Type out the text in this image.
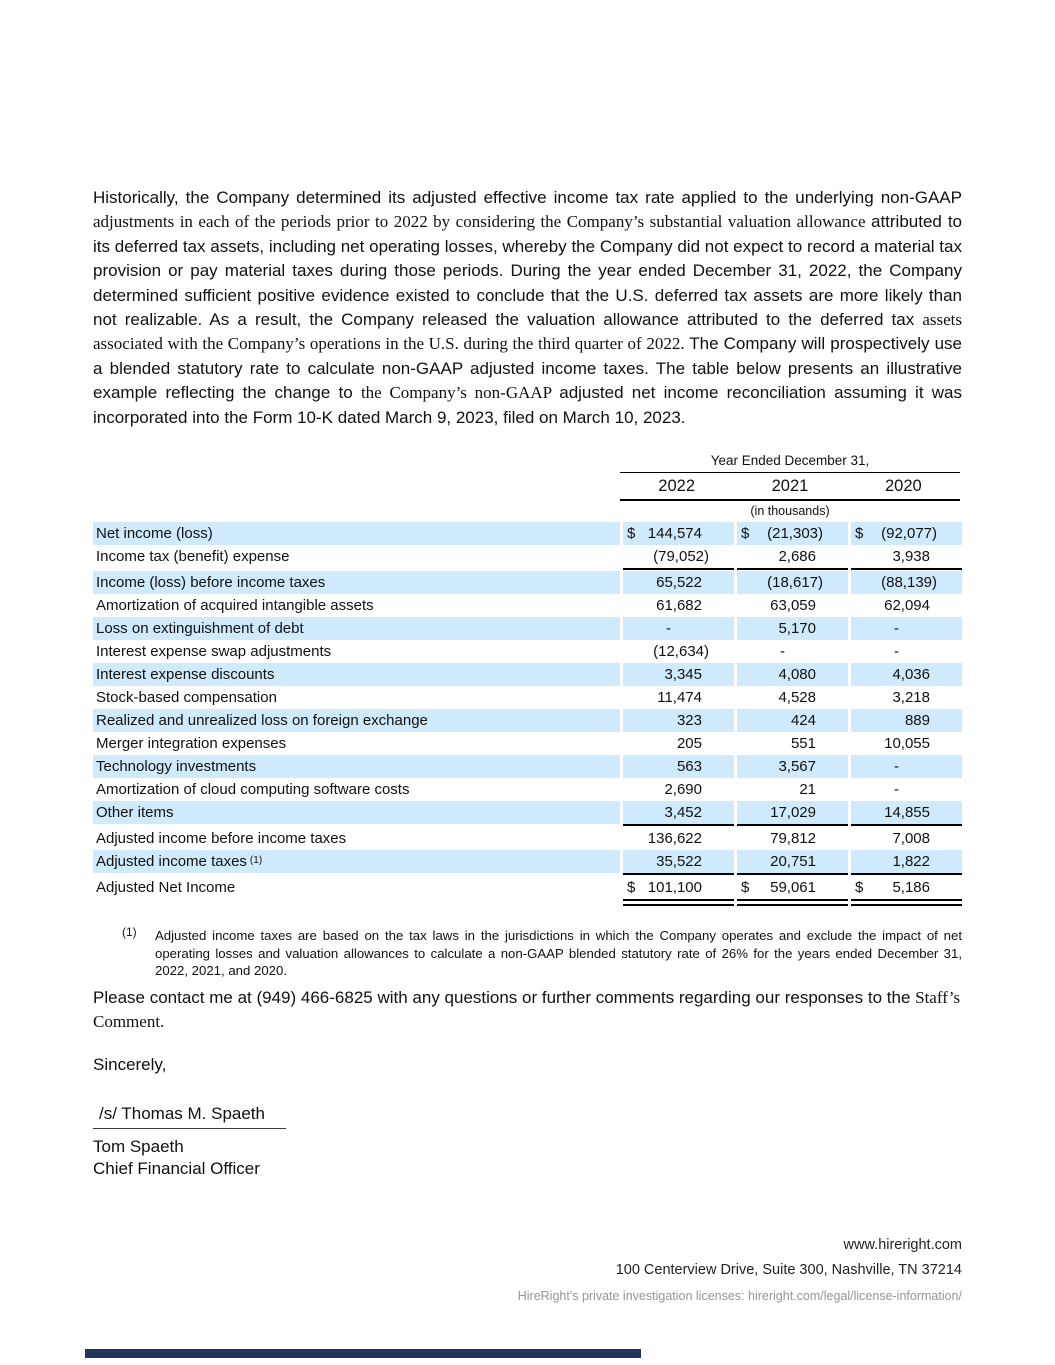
Historically, the Company determined its adjusted effective income tax rate applied to the underlying non-GAAP adjustments in each of the periods prior to 2022 by considering the Company’s substantial valuation allowance attributed to its deferred tax assets, including net operating losses, whereby the Company did not expect to record a material tax provision or pay material taxes during those periods. During the year ended December 31, 2022, the Company determined sufficient positive evidence existed to conclude that the U.S. deferred tax assets are more likely than not realizable. As a result, the Company released the valuation allowance attributed to the deferred tax assets associated with the Company’s operations in the U.S. during the third quarter of 2022. The Company will prospectively use a blended statutory rate to calculate non-GAAP adjusted income taxes. The table below presents an illustrative example reflecting the change to the Company’s non-GAAP adjusted net income reconciliation assuming it was incorporated into the Form 10-K dated March 9, 2023, filed on March 10, 2023.

Year Ended December 31,
2022	2021	2020
(in thousands)
Net income (loss)	$ 144,574	$ (21,303) $ (92,077)
Income tax (benefit) expense	(79,052)	2,686	3,938
Income (loss) before income taxes	65,522	(18,617)	(88,139)
Amortization of acquired intangible assets	61,682	63,059	62,094
Loss on extinguishment of debt	-	5,170	-
Interest expense swap adjustments	(12,634)	-	-
Interest expense discounts	3,345	4,080	4,036
Stock-based compensation	11,474	4,528	3,218
Realized and unrealized loss on foreign exchange	323	424	889
Merger integration expenses	205	551	10,055
Technology investments	563	3,567	-
Amortization of cloud computing software costs	2,690	21	-
Other items	3,452	17,029	14,855
Adjusted income before income taxes	136,622	79,812	7,008
Adjusted income taxes (1)	35,522	20,751	1,822
Adjusted Net Income	$ 101,100	$ 59,061	$ 5,186
(1)	Adjusted income taxes are based on the tax laws in the jurisdictions in which the Company operates and exclude the impact of net operating losses and valuation allowances to calculate a non-GAAP blended statutory rate of 26% for the years ended December 31, 2022, 2021, and 2020.

Please contact me at (949) 466-6825 with any questions or further comments regarding our responses to the Staff’s Comment.

Sincerely,

/s/ Thomas M. Spaeth
Tom Spaeth
Chief Financial Officer
www.hireright.com
100 Centerview Drive, Suite 300, Nashville, TN 37214
HireRight's private investigation licenses: hireright.com/legal/license-information/
